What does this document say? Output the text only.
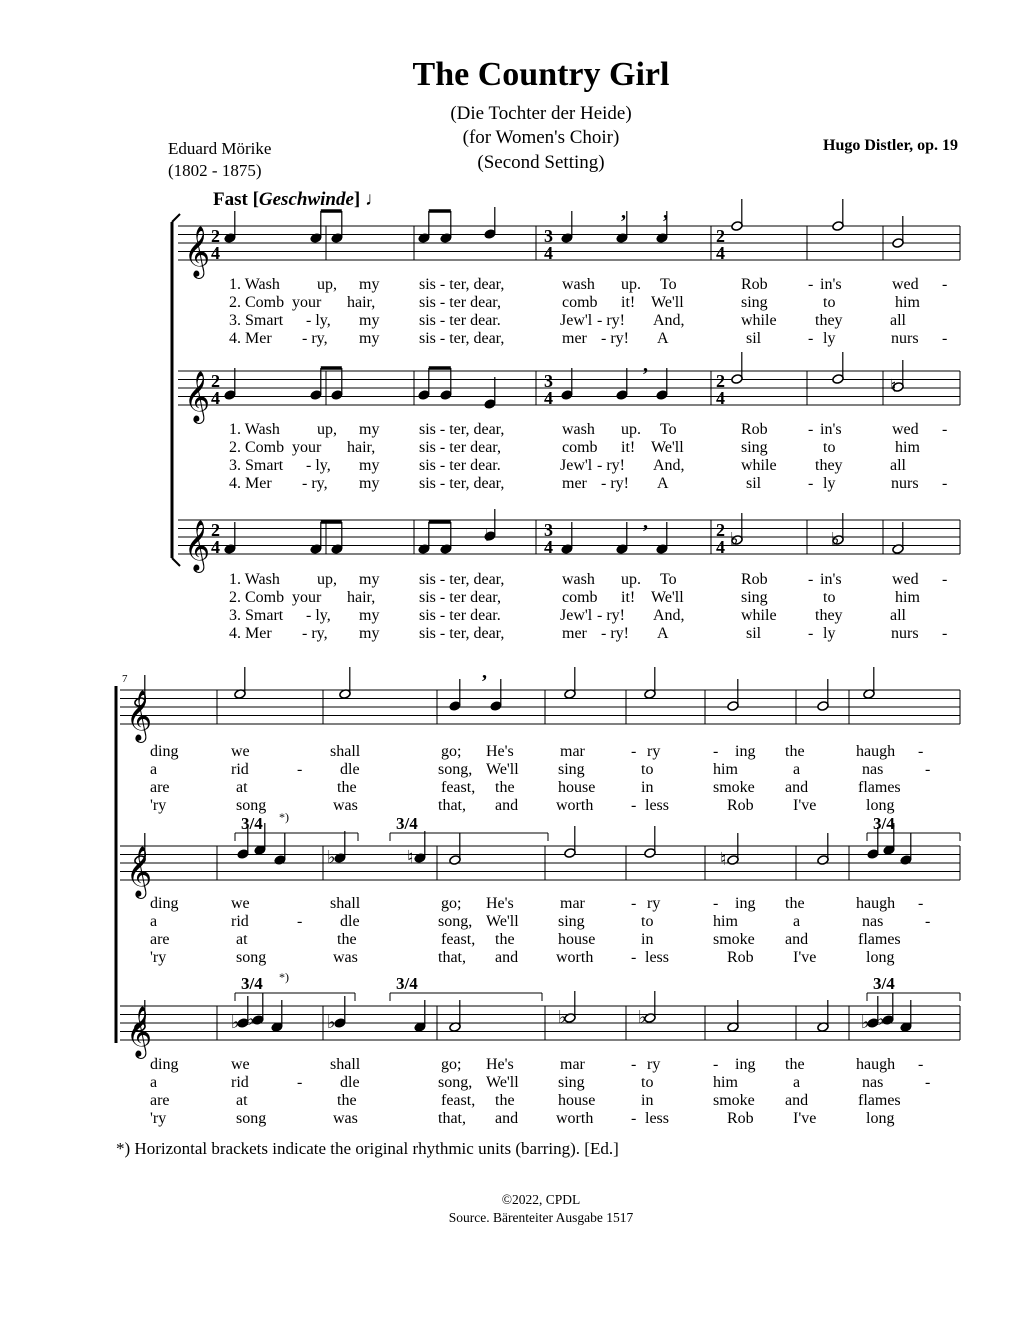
The Country Girl
(Die Tochter der Heide)
(for Women's Choir)
(Second Setting)
Eduard Mörike
(1802 - 1875)
Hugo Distler, op. 19
Fast [Geschwinde] ♩
𝄞 2
4
3
4
2
4
𝄞 2
4
3
4
2
4
𝄞 2
4
3
4
2
4
𝄞
𝄞
𝄞
7
, ,
,
♮
,
♭	♭	♭
,
♭	♮	♮
♭ ♭	♭	♭	♭	♭ ♭
3/4 *)	3/4
3/4 *)	3/4
3/4
3/4
1. Wash up, my sis - ter, dear,	wash up. To	Rob	- in's	wed -
2. Comb your hair,	sis - ter dear,	comb it! We'll	sing	to	him
3. Smart - ly, my sis - ter dear.	Jew'l - ry! And,	while they	all
4. Mer - ry, my sis - ter, dear,	mer - ry! A	sil	- ly	nurs -
1. Wash up, my sis - ter, dear,	wash up. To	Rob	- in's	wed -
2. Comb your hair,	sis - ter dear,	comb it! We'll	sing	to	him
3. Smart - ly, my sis - ter dear.	Jew'l - ry! And,	while they	all
4. Mer - ry, my sis - ter, dear,	mer - ry! A	sil	- ly	nurs -
1. Wash up, my sis - ter, dear,	wash up. To	Rob	- in's	wed -
2. Comb your hair,	sis - ter dear,	comb it! We'll	sing	to	him
3. Smart - ly, my sis - ter dear.	Jew'l - ry! And,	while they	all
4. Mer - ry, my sis - ter, dear,	mer - ry! A	sil	- ly	nurs -
ding	we	shall	go; He's	mar	- ry	- ing the	haugh -
a	rid	- dle	song, We'll sing	to	him	a	nas	-
are	at	the	feast, the	house	in	smoke and	flames
'ry	song	was	that, and worth - less	Rob I've	long
ding	we	shall	go; He's	mar	- ry	- ing the	haugh -
a	rid	- dle	song, We'll sing	to	him	a	nas	-
are	at	the	feast, the	house	in	smoke and	flames
'ry	song	was	that, and worth - less	Rob I've	long
ding	we	shall	go; He's	mar	- ry	- ing the	haugh -
a	rid	- dle	song, We'll sing	to	him	a	nas	-
are	at	the	feast, the	house	in	smoke and	flames
'ry	song	was	that, and worth - less	Rob I've	long
*) Horizontal brackets indicate the original rhythmic units (barring). [Ed.]
©2022, CPDL
Source. Bärenteiter Ausgabe 1517
